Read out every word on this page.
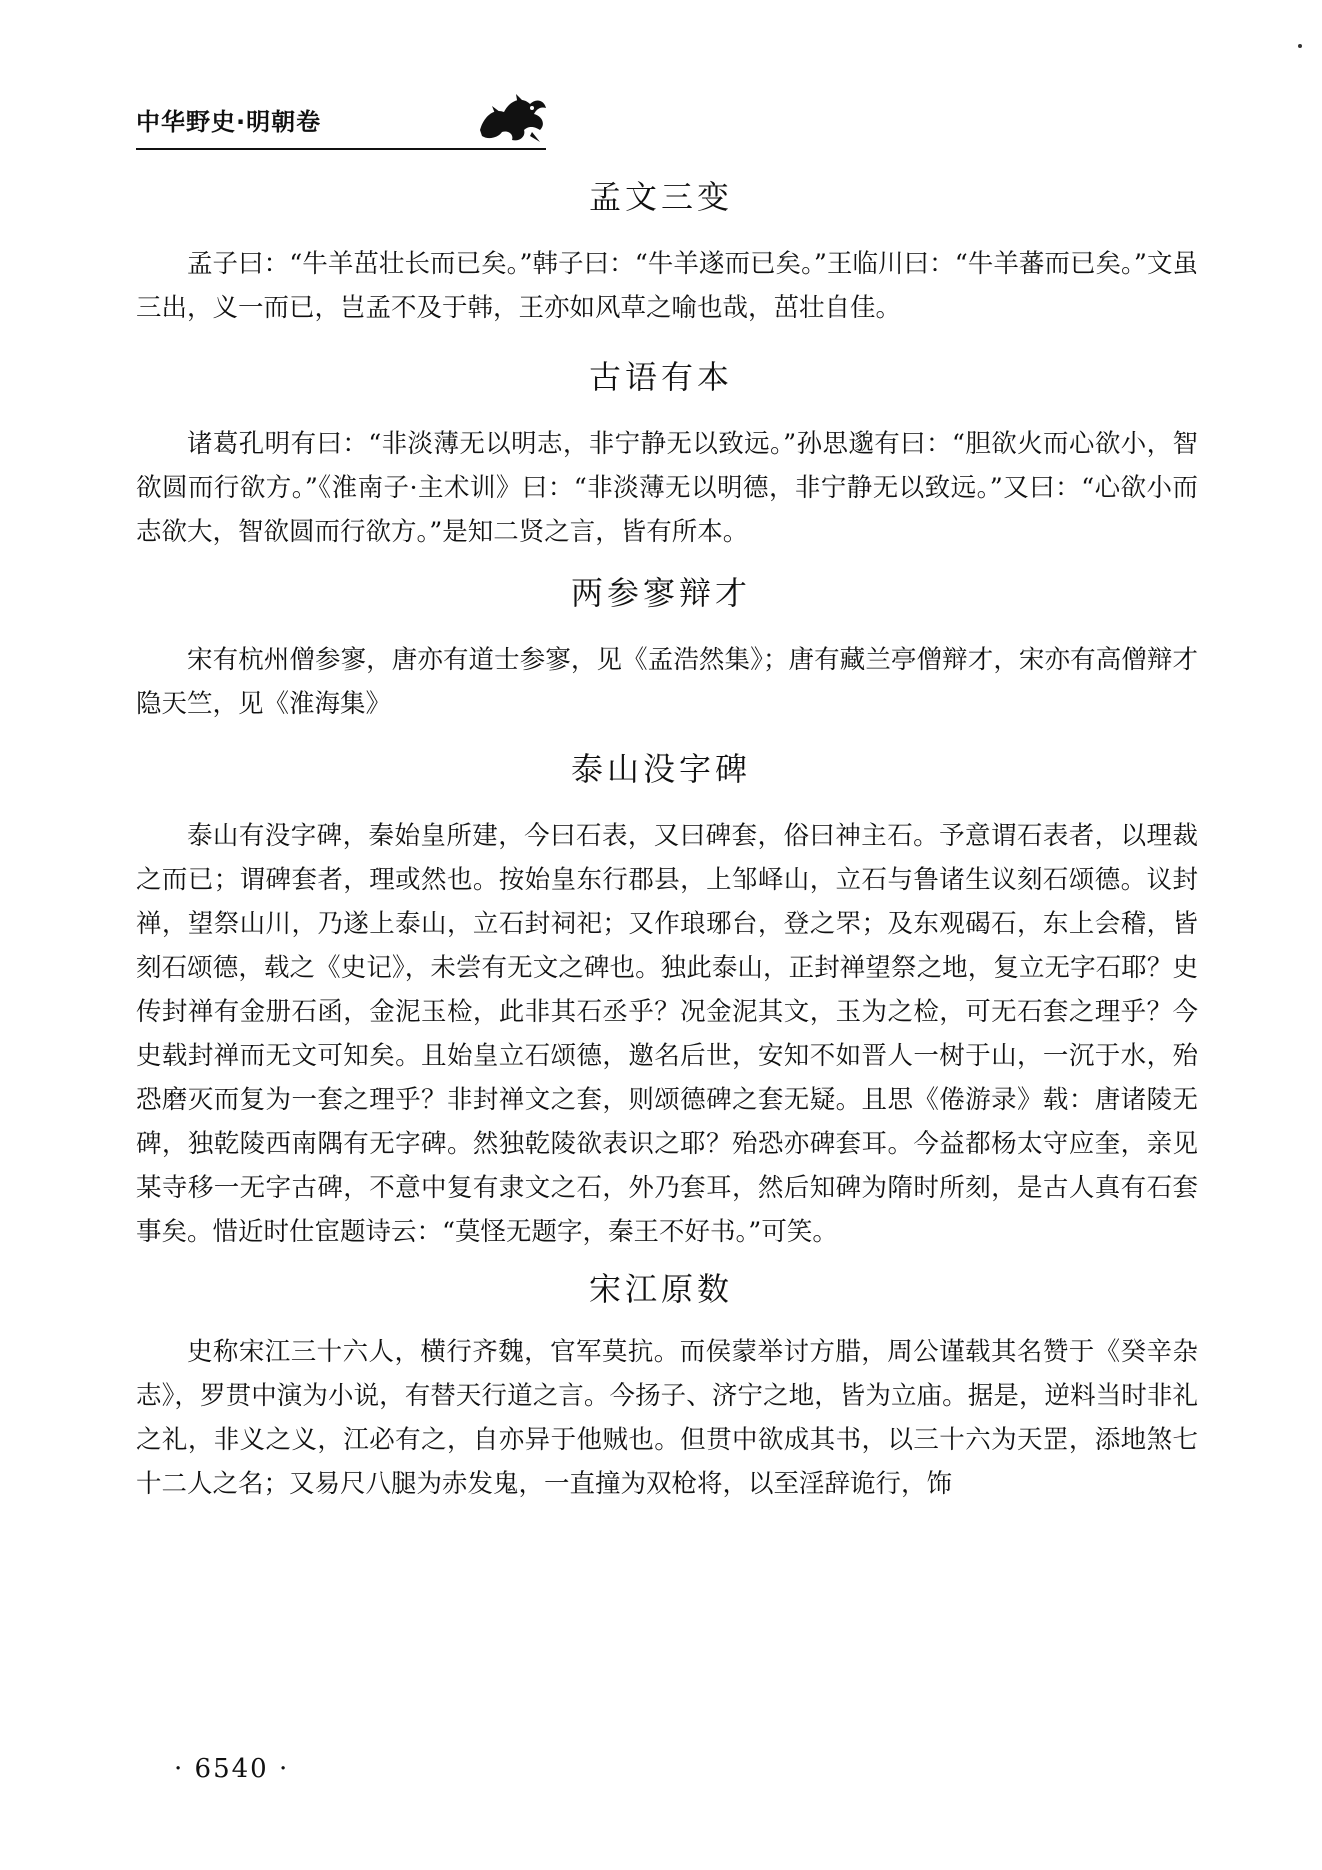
中华野史·明朝卷
孟文三变

孟子曰：“牛羊茁壮长而已矣。”韩子曰：“牛羊遂而已矣。”王临川曰：“牛羊蕃而已矣。”文虽三出，义一而已，岂孟不及于韩，王亦如风草之喻也哉，茁壮自佳。

古语有本

诸葛孔明有曰：“非淡薄无以明志，非宁静无以致远。”孙思邈有曰：“胆欲火而心欲小，智欲圆而行欲方。”《淮南子·主术训》曰：“非淡薄无以明德，非宁静无以致远。”又曰：“心欲小而志欲大，智欲圆而行欲方。”是知二贤之言，皆有所本。

两参寥辩才

宋有杭州僧参寥，唐亦有道士参寥，见《孟浩然集》；唐有藏兰亭僧辩才，宋亦有高僧辩才隐天竺，见《淮海集》

泰山没字碑

泰山有没字碑，秦始皇所建，今曰石表，又曰碑套，俗曰神主石。予意谓石表者，以理裁之而已；谓碑套者，理或然也。按始皇东行郡县，上邹峄山，立石与鲁诸生议刻石颂德。议封禅，望祭山川，乃遂上泰山，立石封祠祀；又作琅琊台，登之罘；及东观碣石，东上会稽，皆刻石颂德，载之《史记》，未尝有无文之碑也。独此泰山，正封禅望祭之地，复立无字石耶？史传封禅有金册石函，金泥玉检，此非其石丞乎？况金泥其文，玉为之检，可无石套之理乎？今史载封禅而无文可知矣。且始皇立石颂德，邀名后世，安知不如晋人一树于山，一沉于水，殆恐磨灭而复为一套之理乎？非封禅文之套，则颂德碑之套无疑。且思《倦游录》载：唐诸陵无碑，独乾陵西南隅有无字碑。然独乾陵欲表识之耶？殆恐亦碑套耳。今益都杨太守应奎，亲见某寺移一无字古碑，不意中复有隶文之石，外乃套耳，然后知碑为隋时所刻，是古人真有石套事矣。惜近时仕宦题诗云：“莫怪无题字，秦王不好书。”可笑。

宋江原数

史称宋江三十六人，横行齐魏，官军莫抗。而侯蒙举讨方腊，周公谨载其名赞于《癸辛杂志》，罗贯中演为小说，有替天行道之言。今扬子、济宁之地，皆为立庙。据是，逆料当时非礼之礼，非义之义，江必有之，自亦异于他贼也。但贯中欲成其书，以三十六为天罡，添地煞七十二人之名；又易尺八腿为赤发鬼，一直撞为双枪将，以至淫辞诡行，饰

· 6540 ·
